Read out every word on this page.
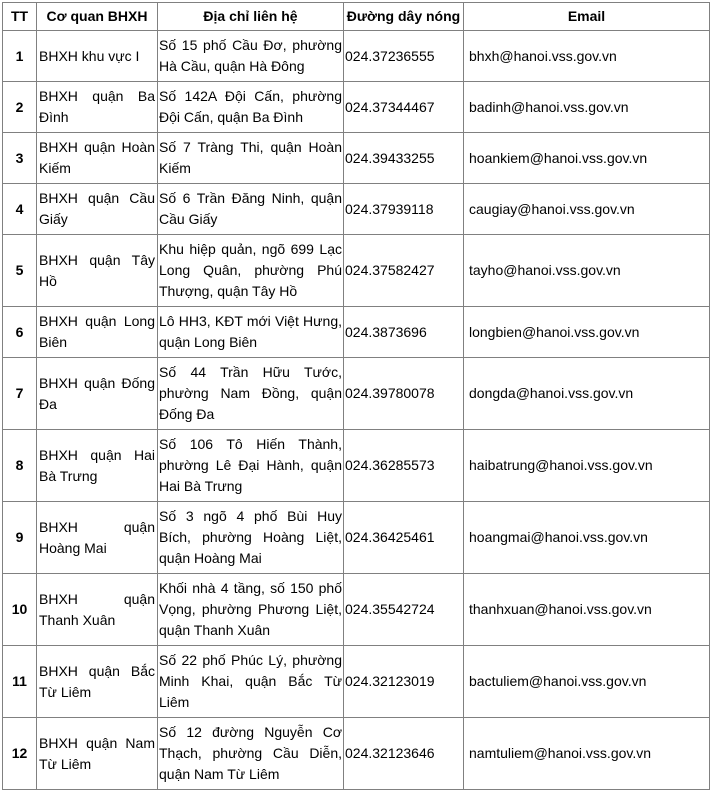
TT	Cơ quan BHXH	Địa chỉ liên hệ	Đường dây nóng	Email
1	BHXH khu vực I	Số 15 phố Cầu Đơ, phường Hà Cầu, quận Hà Đông	024.37236555	bhxh@hanoi.vss.gov.vn
2	BHXH quận Ba Đình	Số 142A Đội Cấn, phường Đội Cấn, quận Ba Đình	024.37344467	badinh@hanoi.vss.gov.vn
3	BHXH quận Hoàn Kiếm	Số 7 Tràng Thi, quận Hoàn Kiếm	024.39433255	hoankiem@hanoi.vss.gov.vn
4	BHXH quận Cầu Giấy	Số 6 Trần Đăng Ninh, quận Cầu Giấy	024.37939118	caugiay@hanoi.vss.gov.vn
5	BHXH quận Tây Hồ	Khu hiệp quản, ngõ 699 Lạc Long Quân, phường Phú Thượng, quận Tây Hồ	024.37582427	tayho@hanoi.vss.gov.vn
6	BHXH quận Long Biên	Lô HH3, KĐT mới Việt Hưng, quận Long Biên	024.3873696	longbien@hanoi.vss.gov.vn
7	BHXH quận Đống Đa	Số 44 Trần Hữu Tước, phường Nam Đồng, quận Đống Đa	024.39780078	dongda@hanoi.vss.gov.vn
8	BHXH quận Hai Bà Trưng	Số 106 Tô Hiến Thành, phường Lê Đại Hành, quận Hai Bà Trưng	024.36285573	haibatrung@hanoi.vss.gov.vn
9	BHXH quận Hoàng Mai	Số 3 ngõ 4 phố Bùi Huy Bích, phường Hoàng Liệt, quận Hoàng Mai	024.36425461	hoangmai@hanoi.vss.gov.vn
10	BHXH quận Thanh Xuân	Khối nhà 4 tầng, số 150 phố Vọng, phường Phương Liệt, quận Thanh Xuân	024.35542724	thanhxuan@hanoi.vss.gov.vn
11	BHXH quận Bắc Từ Liêm	Số 22 phố Phúc Lý, phường Minh Khai, quận Bắc Từ Liêm	024.32123019	bactuliem@hanoi.vss.gov.vn
12	BHXH quận Nam Từ Liêm	Số 12 đường Nguyễn Cơ Thạch, phường Cầu Diễn, quận Nam Từ Liêm	024.32123646	namtuliem@hanoi.vss.gov.vn
